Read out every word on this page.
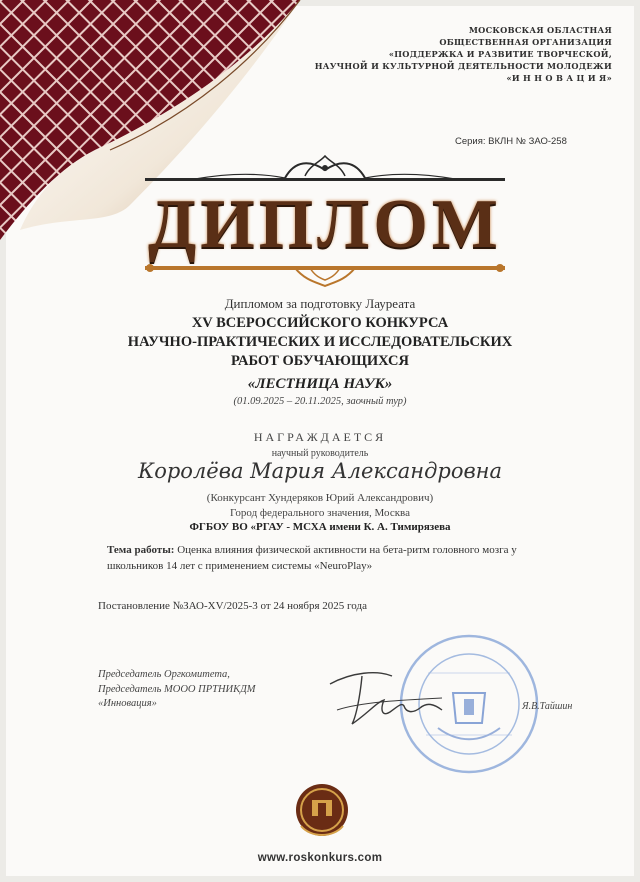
МОСКОВСКАЯ ОБЛАСТНАЯ
ОБЩЕСТВЕННАЯ ОРГАНИЗАЦИЯ
«ПОДДЕРЖКА И РАЗВИТИЕ ТВОРЧЕСКОЙ,
НАУЧНОЙ И КУЛЬТУРНОЙ ДЕЯТЕЛЬНОСТИ МОЛОДЕЖИ
«И Н Н О В А Ц И Я»
Серия: ВКЛН № ЗАО-258
ДИПЛОМ
Дипломом за подготовку Лауреата
XV ВСЕРОССИЙСКОГО КОНКУРСА
НАУЧНО-ПРАКТИЧЕСКИХ И ИССЛЕДОВАТЕЛЬСКИХ
РАБОТ ОБУЧАЮЩИХСЯ
«ЛЕСТНИЦА НАУК»
(01.09.2025 – 20.11.2025, заочный тур)
НАГРАЖДАЕТСЯ
научный руководитель
Королёва Мария Александровна
(Конкурсант Хундеряков Юрий Александрович)
Город федерального значения, Москва
ФГБОУ ВО «РГАУ - МСХА имени К. А. Тимирязева
Тема работы: Оценка влияния физической активности на бета-ритм головного мозга у
школьников 14 лет с применением системы «NeuroPlay»
Постановление №ЗАО-XV/2025-3 от 24 ноября 2025 года
Председатель Оргкомитета,
Председатель МООО ПРТНИКДМ
«Инновация»	Я.В.Тайшин
www.roskonkurs.com
